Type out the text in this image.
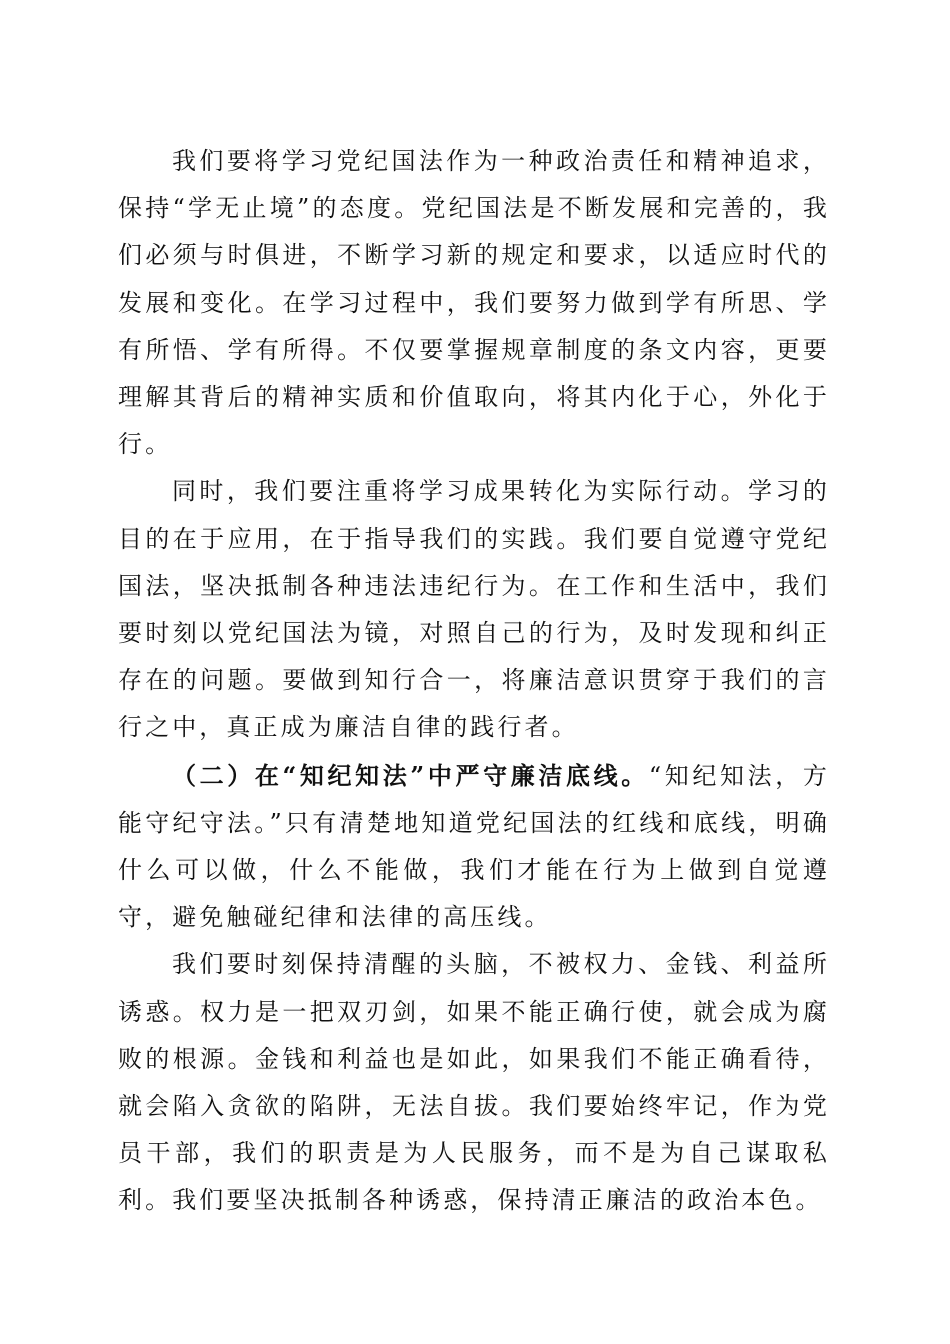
我们要将学习党纪国法作为一种政治责任和精神追求，保持“学无止境”的态度。党纪国法是不断发展和完善的，我们必须与时俱进，不断学习新的规定和要求，以适应时代的发展和变化。在学习过程中，我们要努力做到学有所思、学有所悟、学有所得。不仅要掌握规章制度的条文内容，更要理解其背后的精神实质和价值取向，将其内化于心，外化于行。

同时，我们要注重将学习成果转化为实际行动。学习的目的在于应用，在于指导我们的实践。我们要自觉遵守党纪国法，坚决抵制各种违法违纪行为。在工作和生活中，我们要时刻以党纪国法为镜，对照自己的行为，及时发现和纠正存在的问题。要做到知行合一，将廉洁意识贯穿于我们的言行之中，真正成为廉洁自律的践行者。

（二）在“知纪知法”中严守廉洁底线。“知纪知法，方能守纪守法。”只有清楚地知道党纪国法的红线和底线，明确什么可以做，什么不能做，我们才能在行为上做到自觉遵守，避免触碰纪律和法律的高压线。

我们要时刻保持清醒的头脑，不被权力、金钱、利益所诱惑。权力是一把双刃剑，如果不能正确行使，就会成为腐败的根源。金钱和利益也是如此，如果我们不能正确看待，就会陷入贪欲的陷阱，无法自拔。我们要始终牢记，作为党员干部，我们的职责是为人民服务，而不是为自己谋取私利。我们要坚决抵制各种诱惑，保持清正廉洁的政治本色。
